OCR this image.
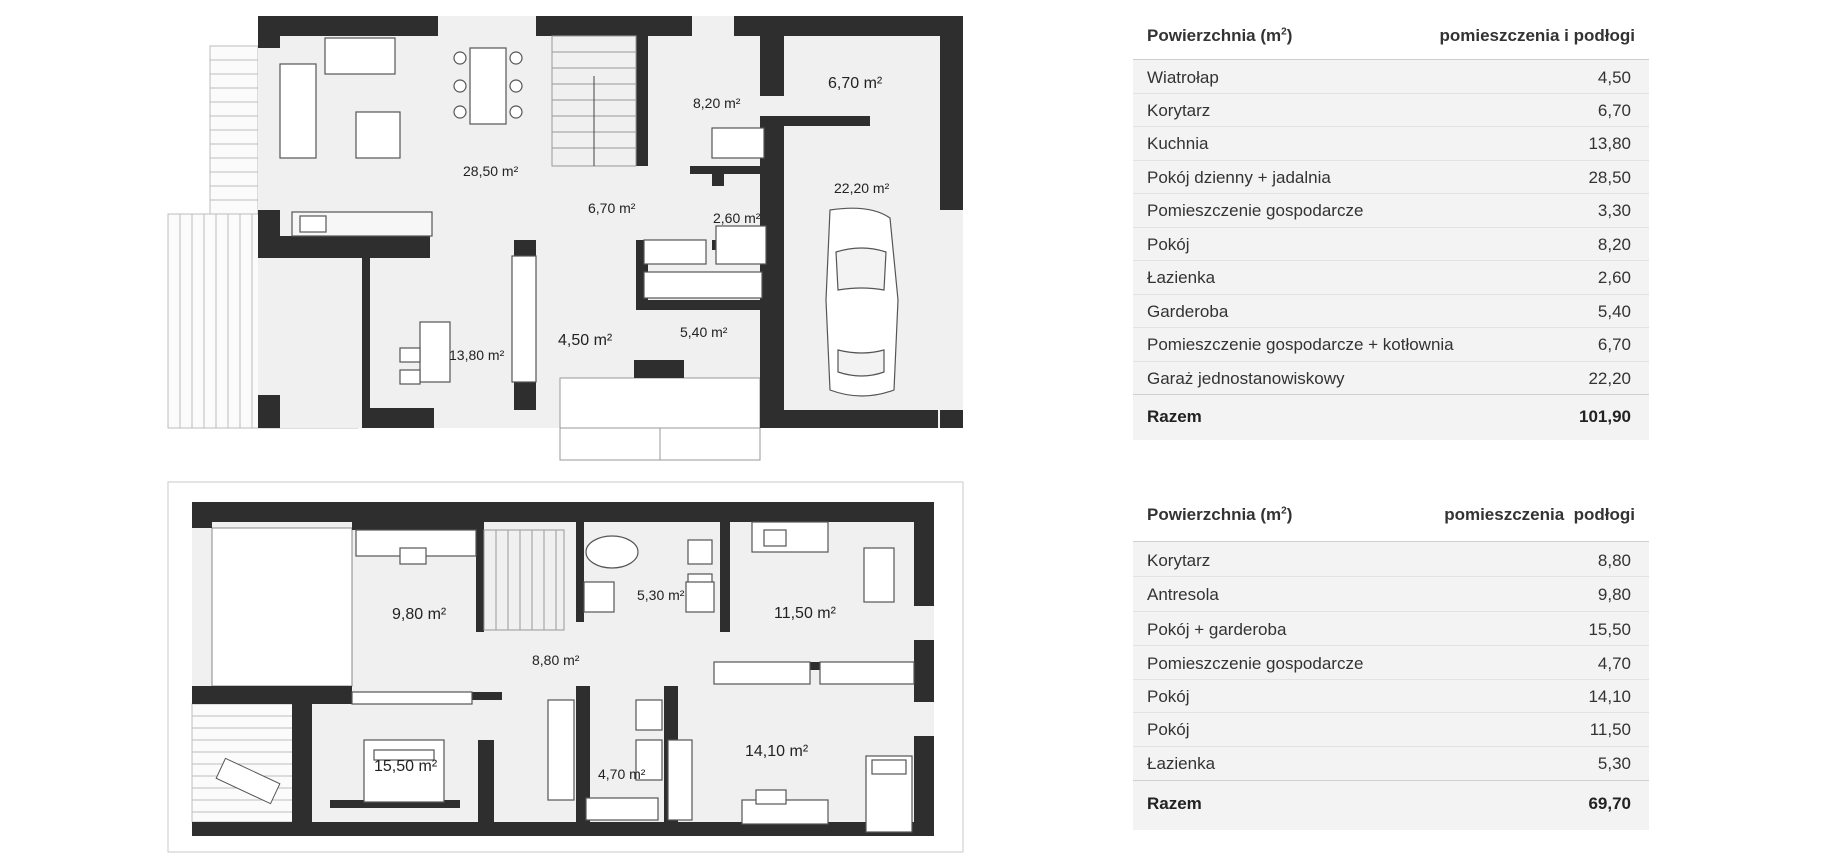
28,50 m²
6,70 m²
8,20 m²
6,70 m²
22,20 m²
2,60 m²
13,80 m²
4,50 m²	5,40 m²
9,80 m²
5,30 m²
11,50 m²
8,80 m²
15,50 m²	4,70 m²
14,10 m²
Powierzchnia $(m^2)$	pomieszczenia i podłogi
Wiatrołap	4,50
Korytarz	6,70
Kuchnia	13,80
Pokój dzienny + jadalnia	28,50
Pomieszczenie gospodarcze	3,30
Pokój	8,20
Łazienka	2,60
Garderoba	5,40
Pomieszczenie gospodarcze + kotłownia	6,70
Garaż jednostanowiskowy	22,20
Razem	101,90
Powierzchnia $(m^2)$	pomieszczenia  podłogi
Korytarz	8,80
Antresola	9,80
Pokój + garderoba	15,50
Pomieszczenie gospodarcze	4,70
Pokój	14,10
Pokój	11,50
Łazienka	5,30
Razem	69,70
